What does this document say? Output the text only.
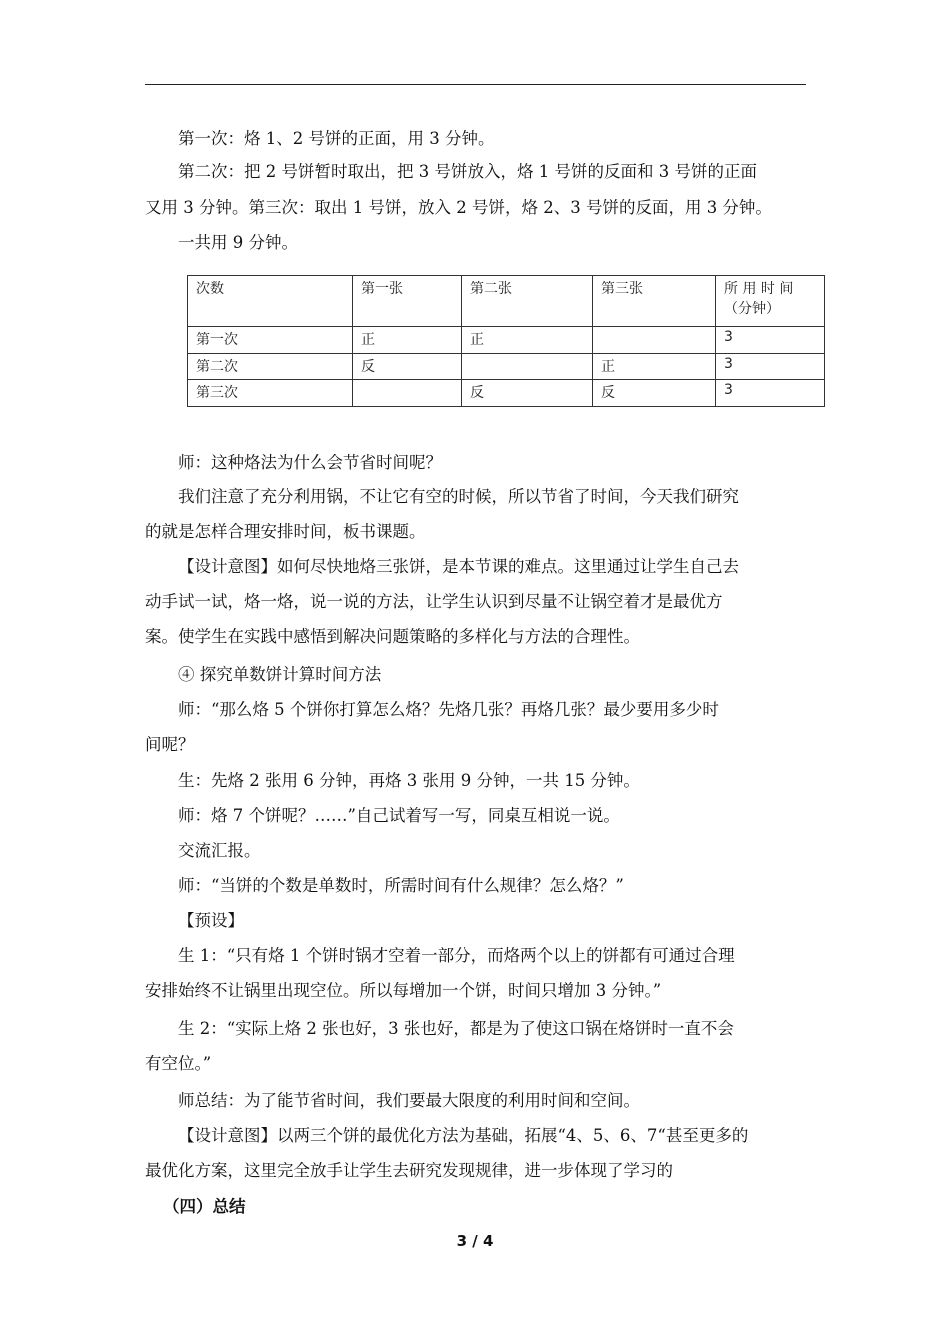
第一次：烙 1、2 号饼的正面，用 3 分钟。
第二次：把 2 号饼暂时取出，把 3 号饼放入，烙 1 号饼的反面和 3 号饼的正面
又用 3 分钟。第三次：取出 1 号饼，放入 2 号饼，烙 2、3 号饼的反面，用 3 分钟。
一共用 9 分钟。
次数	第一张	第二张	第三张	所 用 时 间
（分钟）

第一次	正	正		3
第二次	反		正	3
第三次		反	反	3
师：这种烙法为什么会节省时间呢？
我们注意了充分利用锅，不让它有空的时候，所以节省了时间，今天我们研究
的就是怎样合理安排时间，板书课题。
【设计意图】如何尽快地烙三张饼，是本节课的难点。这里通过让学生自己去
动手试一试，烙一烙，说一说的方法，让学生认识到尽量不让锅空着才是最优方
案。使学生在实践中感悟到解决问题策略的多样化与方法的合理性。
④ 探究单数饼计算时间方法
师：“那么烙 5 个饼你打算怎么烙？先烙几张？再烙几张？最少要用多少时
间呢？
生：先烙 2 张用 6 分钟，再烙 3 张用 9 分钟，一共 15 分钟。
师：烙 7 个饼呢？……”自己试着写一写，同桌互相说一说。
交流汇报。
师：“当饼的个数是单数时，所需时间有什么规律？怎么烙？”
【预设】
生 1：“只有烙 1 个饼时锅才空着一部分，而烙两个以上的饼都有可通过合理
安排始终不让锅里出现空位。所以每增加一个饼，时间只增加 3 分钟。”
生 2：“实际上烙 2 张也好，3 张也好，都是为了使这口锅在烙饼时一直不会
有空位。”
师总结：为了能节省时间，我们要最大限度的利用时间和空间。
【设计意图】以两三个饼的最优化方法为基础，拓展“4、5、6、7“甚至更多的
最优化方案，这里完全放手让学生去研究发现规律，进一步体现了学习的
（四）总结
3 / 4
